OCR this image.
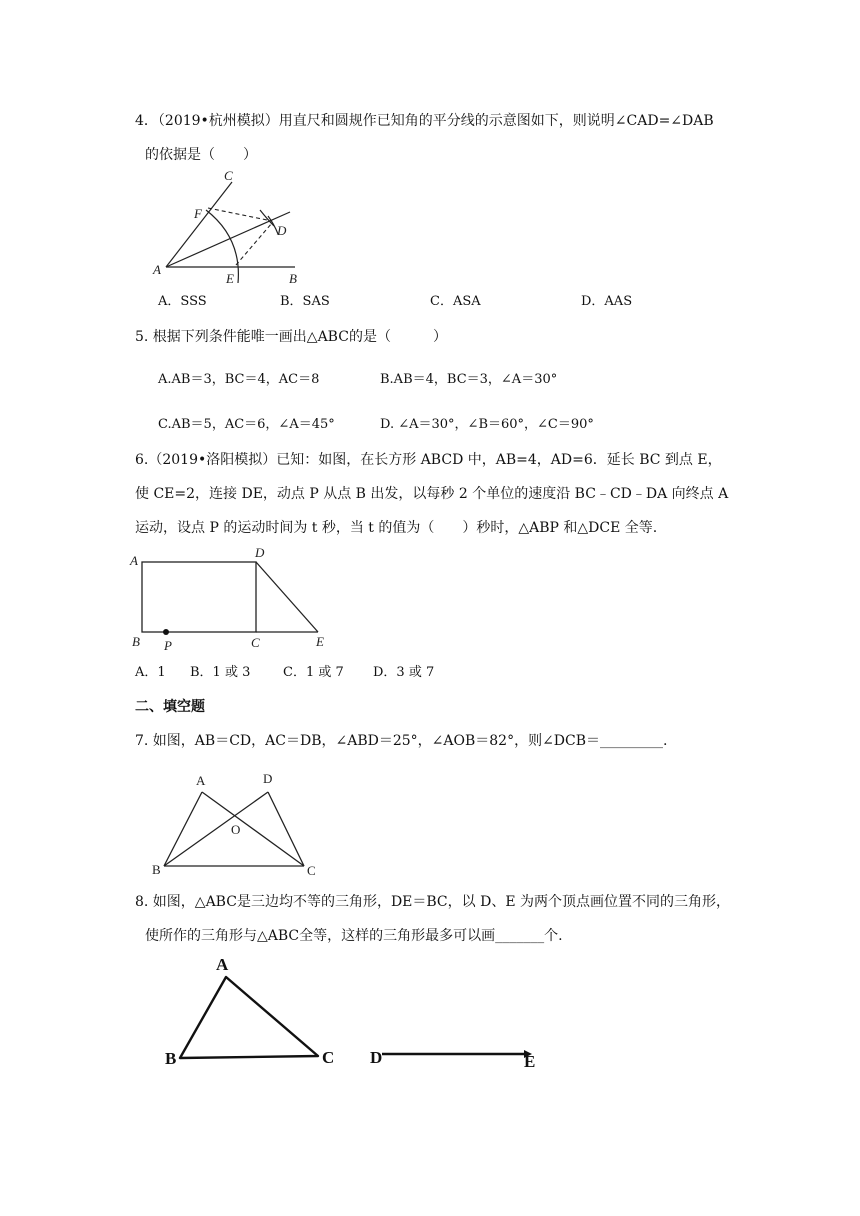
4．（2019•杭州模拟）用直尺和圆规作已知角的平分线的示意图如下，则说明∠CAD=∠DAB
的依据是（　　）
C
F
D
A
E	B
A．SSS	B．SAS	C．ASA	D．AAS
5. 根据下列条件能唯一画出△ABC的是（　　　）
A.AB＝3，BC＝4，AC＝8	B.AB＝4，BC＝3，∠A＝30°
C.AB＝5，AC＝6，∠A＝45°	D. ∠A＝30°，∠B＝60°，∠C＝90°
6.（2019•洛阳模拟）已知：如图，在长方形 ABCD 中，AB=4，AD=6．延长 BC 到点 E，
使 CE=2，连接 DE，动点 P 从点 B 出发，以每秒 2 个单位的速度沿 BC﹣CD﹣DA 向终点 A
运动，设点 P 的运动时间为 t 秒，当 t 的值为（　　）秒时，△ABP 和△DCE 全等.
A
D
B P	C	E
A．1 B．1 或 3	C．1 或 7 D．3 或 7
二、填空题
7. 如图，AB＝CD，AC＝DB，∠ABD＝25°，∠AOB＝82°，则∠DCB＝_________.
A	D
O
B	C
8. 如图，△ABC是三边均不等的三角形，DE＝BC，以 D、E 为两个顶点画位置不同的三角形，
使所作的三角形与△ABC全等，这样的三角形最多可以画_______个.
A
B	C D	E
